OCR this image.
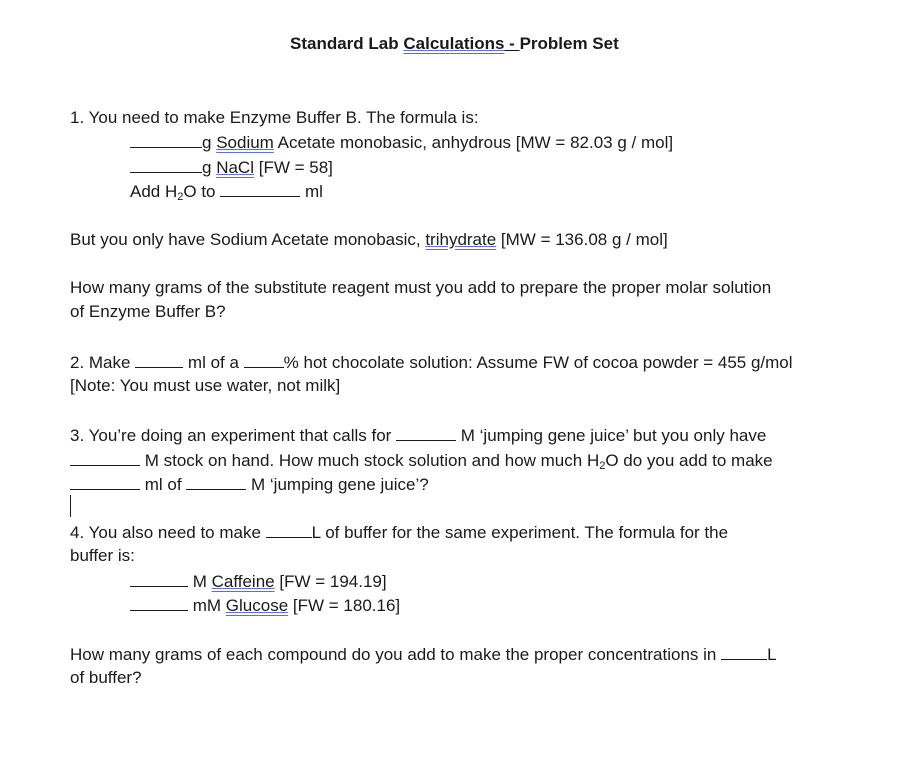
Standard Lab Calculations - Problem Set
1. You need to make Enzyme Buffer B. The formula is:
g Sodium Acetate monobasic, anhydrous [MW = 82.03 g / mol]
g NaCl [FW = 58]
Add $H_2O$ to	ml
But you only have Sodium Acetate monobasic, trihydrate [MW = 136.08 g / mol]
How many grams of the substitute reagent must you add to prepare the proper molar solution
of Enzyme Buffer B?
2. Make	ml of a % hot chocolate solution: Assume FW of cocoa powder = 455 g/mol
[Note: You must use water, not milk]
3. You’re doing an experiment that calls for	M ‘jumping gene juice’ but you only have
M stock on hand. How much stock solution and how much $H_2O$ do you add to make
ml of	M ‘jumping gene juice’?
4. You also need to make	L of buffer for the same experiment. The formula for the
buffer is:
M Caffeine [FW = 194.19]
mM Glucose [FW = 180.16]
How many grams of each compound do you add to make the proper concentrations in	L
of buffer?
